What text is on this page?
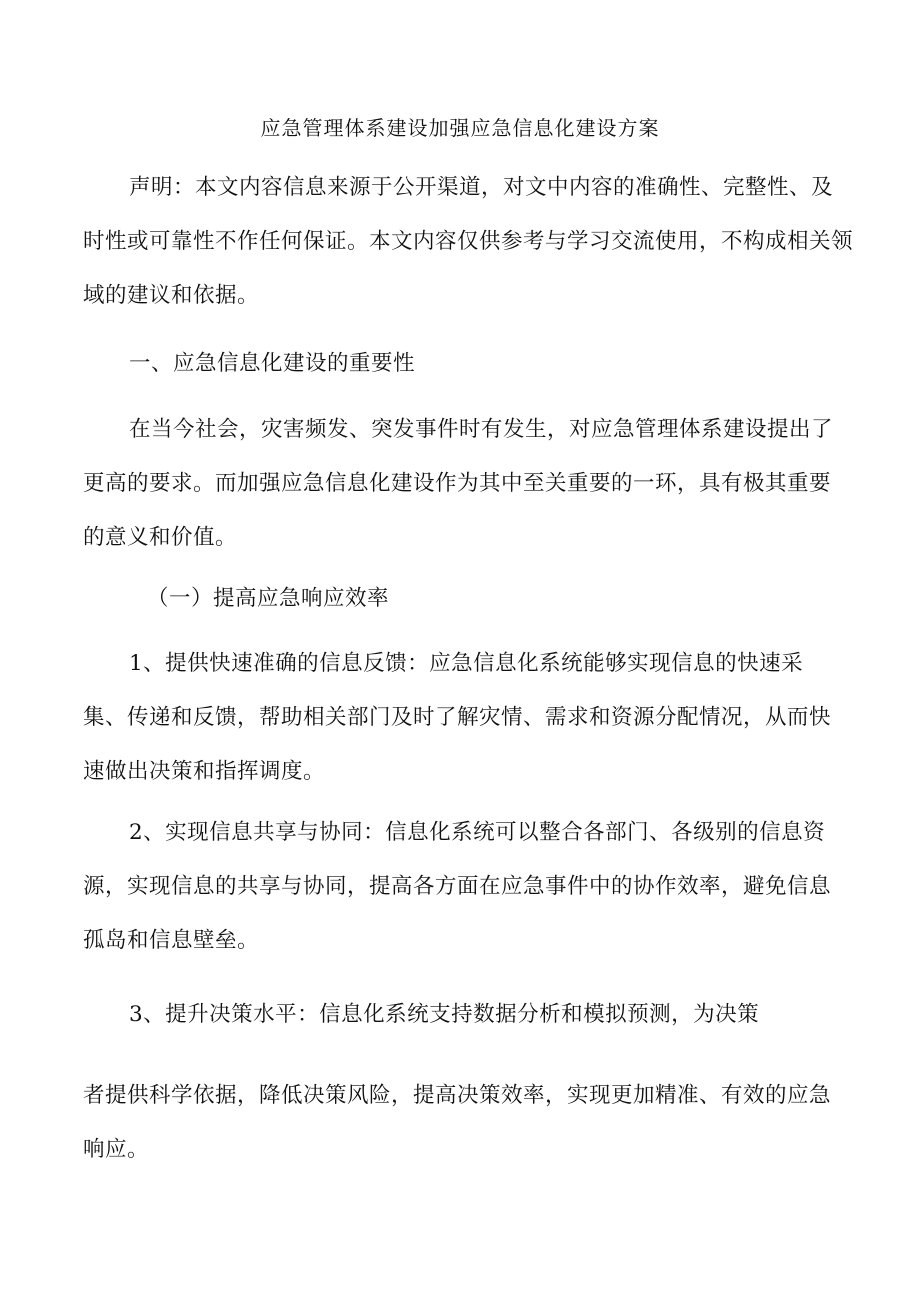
应急管理体系建设加强应急信息化建设方案

声明：本文内容信息来源于公开渠道，对文中内容的准确性、完整性、及时性或可靠性不作任何保证。本文内容仅供参考与学习交流使用，不构成相关领域的建议和依据。

一、应急信息化建设的重要性

在当今社会，灾害频发、突发事件时有发生，对应急管理体系建设提出了更高的要求。而加强应急信息化建设作为其中至关重要的一环，具有极其重要的意义和价值。

（一）提高应急响应效率

1、提供快速准确的信息反馈：应急信息化系统能够实现信息的快速采集、传递和反馈，帮助相关部门及时了解灾情、需求和资源分配情况，从而快速做出决策和指挥调度。

2、实现信息共享与协同：信息化系统可以整合各部门、各级别的信息资源，实现信息的共享与协同，提高各方面在应急事件中的协作效率，避免信息孤岛和信息壁垒。

3、提升决策水平：信息化系统支持数据分析和模拟预测，为决策

者提供科学依据，降低决策风险，提高决策效率，实现更加精准、有效的应急响应。
